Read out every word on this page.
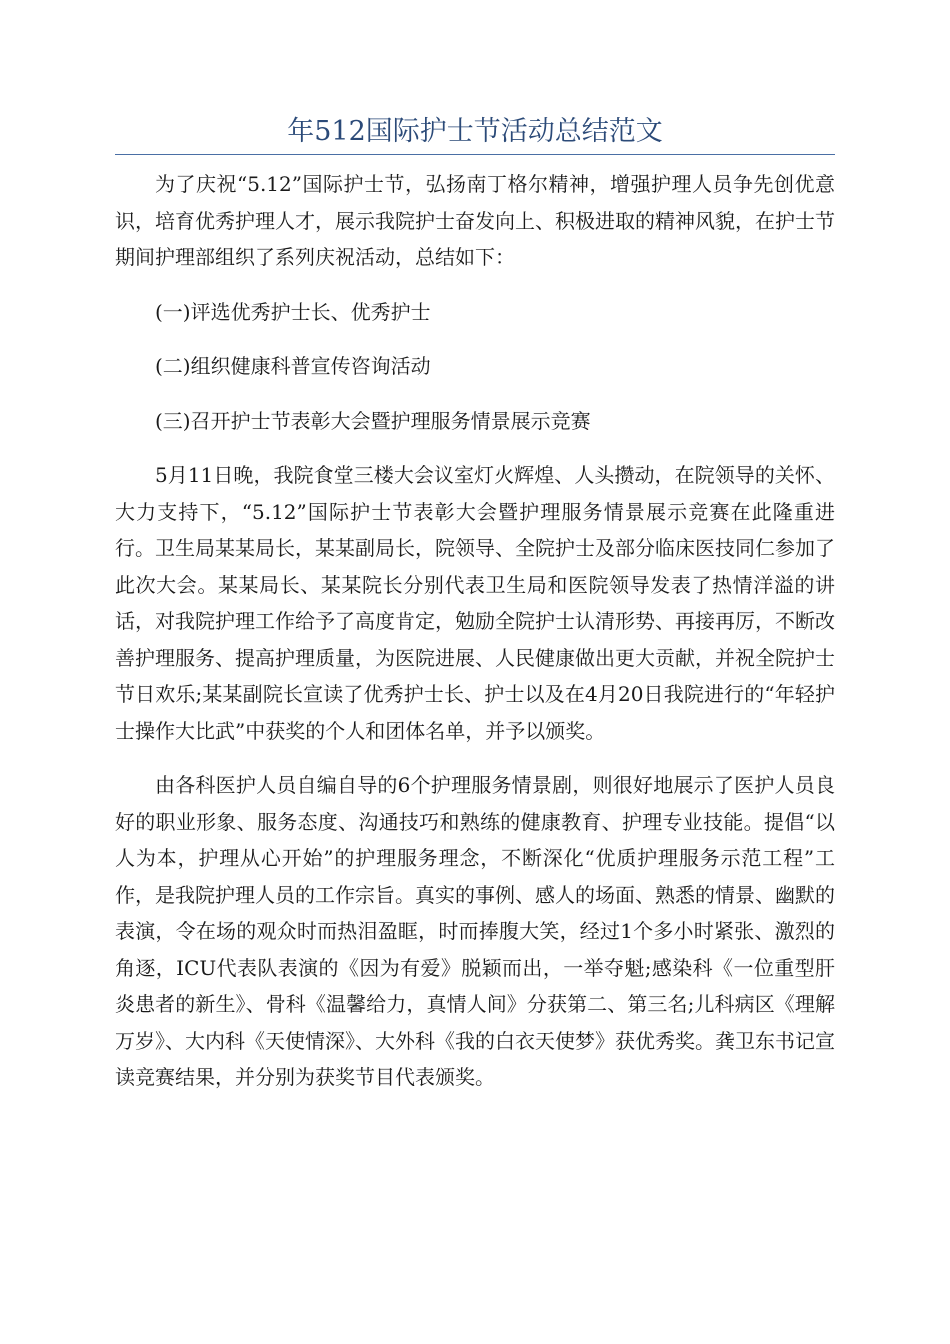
年512国际护士节活动总结范文

为了庆祝“5.12”国际护士节，弘扬南丁格尔精神，增强护理人员争先创优意识，培育优秀护理人才，展示我院护士奋发向上、积极进取的精神风貌，在护士节期间护理部组织了系列庆祝活动，总结如下：

(一)评选优秀护士长、优秀护士

(二)组织健康科普宣传咨询活动

(三)召开护士节表彰大会暨护理服务情景展示竞赛

5月11日晚，我院食堂三楼大会议室灯火辉煌、人头攒动，在院领导的关怀、大力支持下，“5.12”国际护士节表彰大会暨护理服务情景展示竞赛在此隆重进行。卫生局某某局长，某某副局长，院领导、全院护士及部分临床医技同仁参加了此次大会。某某局长、某某院长分别代表卫生局和医院领导发表了热情洋溢的讲话，对我院护理工作给予了高度肯定，勉励全院护士认清形势、再接再厉，不断改善护理服务、提高护理质量，为医院进展、人民健康做出更大贡献，并祝全院护士节日欢乐;某某副院长宣读了优秀护士长、护士以及在4月20日我院进行的“年轻护士操作大比武”中获奖的个人和团体名单，并予以颁奖。

由各科医护人员自编自导的6个护理服务情景剧，则很好地展示了医护人员良好的职业形象、服务态度、沟通技巧和熟练的健康教育、护理专业技能。提倡“以人为本，护理从心开始”的护理服务理念，不断深化“优质护理服务示范工程”工作，是我院护理人员的工作宗旨。真实的事例、感人的场面、熟悉的情景、幽默的表演，令在场的观众时而热泪盈眶，时而捧腹大笑，经过1个多小时紧张、激烈的角逐，ICU代表队表演的《因为有爱》脱颖而出，一举夺魁;感染科《一位重型肝炎患者的新生》、骨科《温馨给力，真情人间》分获第二、第三名;儿科病区《理解万岁》、大内科《天使情深》、大外科《我的白衣天使梦》获优秀奖。龚卫东书记宣读竞赛结果，并分别为获奖节目代表颁奖。
